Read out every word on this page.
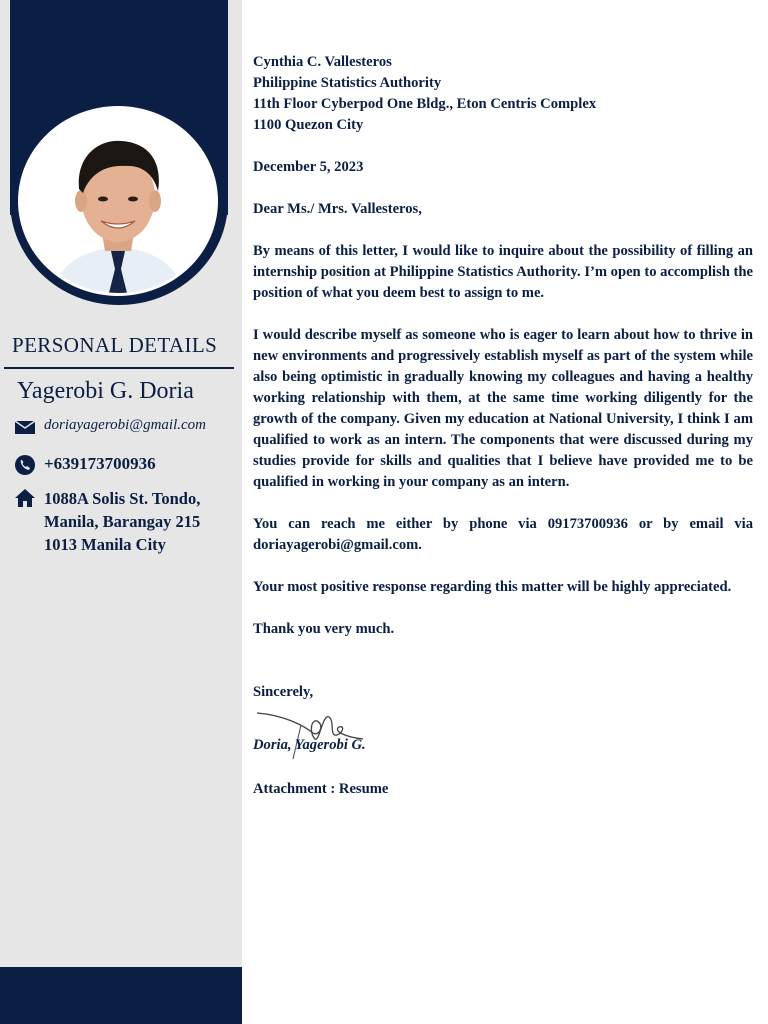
PERSONAL DETAILS
Yagerobi G. Doria
doriayagerobi@gmail.com
+639173700936
1088A Solis St. Tondo,
Manila, Barangay 215
1013 Manila City

Cynthia C. Vallesteros

Philippine Statistics Authority

11th Floor Cyberpod One Bldg., Eton Centris Complex

1100 Quezon City

December 5, 2023

Dear Ms./ Mrs. Vallesteros,

By means of this letter, I would like to inquire about the possibility of filling an internship position at Philippine Statistics Authority. I’m open to accomplish the position of what you deem best to assign to me.

I would describe myself as someone who is eager to learn about how to thrive in new environments and progressively establish myself as part of the system while also being optimistic in gradually knowing my colleagues and having a healthy working relationship with them, at the same time working diligently for the growth of the company. Given my education at National University, I think I am qualified to work as an intern. The components that were discussed during my studies provide for skills and qualities that I believe have provided me to be qualified in working in your company as an intern.

You can reach me either by phone via 09173700936 or by email via doriayagerobi@gmail.com.

Your most positive response regarding this matter will be highly appreciated.

Thank you very much.

Sincerely,

Doria, Yagerobi G.

Attachment : Resume
